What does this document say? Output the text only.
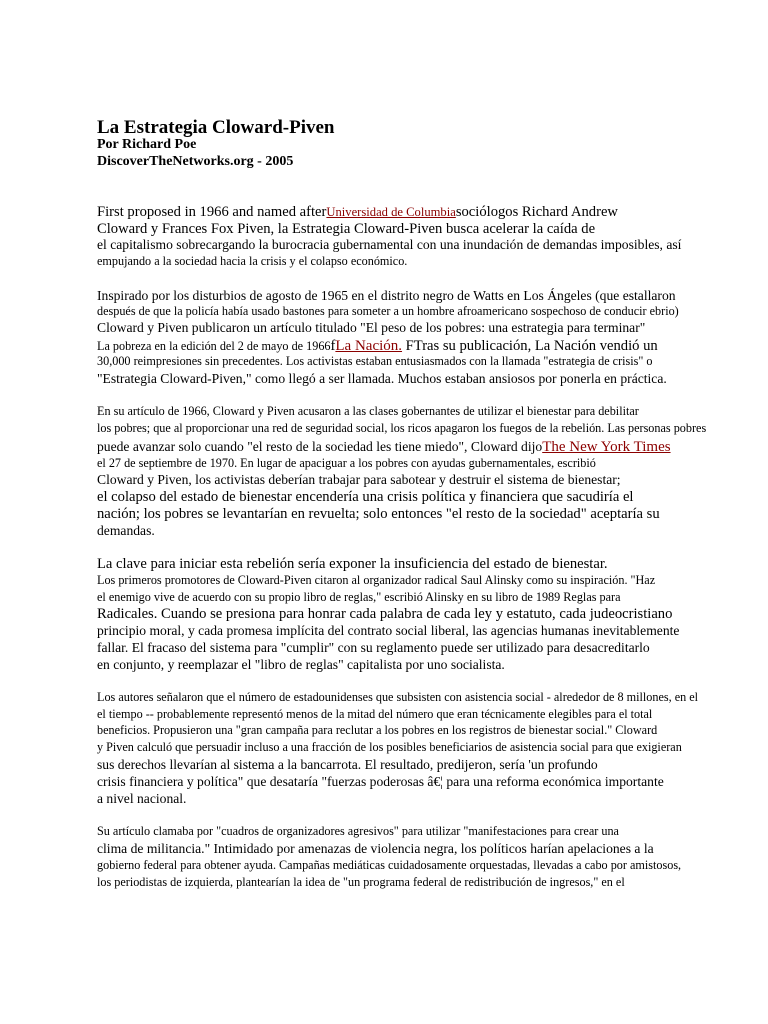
La Estrategia Cloward-Piven
Por Richard Poe
DiscoverTheNetworks.org - 2005
First proposed in 1966 and named afterUniversidad de Columbiasociólogos Richard Andrew
Cloward y Frances Fox Piven, la Estrategia Cloward-Piven busca acelerar la caída de
el capitalismo sobrecargando la burocracia gubernamental con una inundación de demandas imposibles, así
empujando a la sociedad hacia la crisis y el colapso económico.
Inspirado por los disturbios de agosto de 1965 en el distrito negro de Watts en Los Ángeles (que estallaron
después de que la policía había usado bastones para someter a un hombre afroamericano sospechoso de conducir ebrio)
Cloward y Piven publicaron un artículo titulado "El peso de los pobres: una estrategia para terminar"
La pobreza en la edición del 2 de mayo de 1966fLa Nación. FTras su publicación, La Nación vendió un
30,000 reimpresiones sin precedentes. Los activistas estaban entusiasmados con la llamada "estrategia de crisis" o
"Estrategia Cloward-Piven," como llegó a ser llamada. Muchos estaban ansiosos por ponerla en práctica.
En su artículo de 1966, Cloward y Piven acusaron a las clases gobernantes de utilizar el bienestar para debilitar
los pobres; que al proporcionar una red de seguridad social, los ricos apagaron los fuegos de la rebelión. Las personas pobres
puede avanzar solo cuando "el resto de la sociedad les tiene miedo", Cloward dijoThe New York Times
el 27 de septiembre de 1970. En lugar de apaciguar a los pobres con ayudas gubernamentales, escribió
Cloward y Piven, los activistas deberían trabajar para sabotear y destruir el sistema de bienestar;
el colapso del estado de bienestar encendería una crisis política y financiera que sacudiría el
nación; los pobres se levantarían en revuelta; solo entonces "el resto de la sociedad" aceptaría su
demandas.
La clave para iniciar esta rebelión sería exponer la insuficiencia del estado de bienestar.
Los primeros promotores de Cloward-Piven citaron al organizador radical Saul Alinsky como su inspiración. "Haz
el enemigo vive de acuerdo con su propio libro de reglas," escribió Alinsky en su libro de 1989 Reglas para
Radicales. Cuando se presiona para honrar cada palabra de cada ley y estatuto, cada judeocristiano
principio moral, y cada promesa implícita del contrato social liberal, las agencias humanas inevitablemente
fallar. El fracaso del sistema para "cumplir" con su reglamento puede ser utilizado para desacreditarlo
en conjunto, y reemplazar el "libro de reglas" capitalista por uno socialista.
Los autores señalaron que el número de estadounidenses que subsisten con asistencia social - alrededor de 8 millones, en el
el tiempo -- probablemente representó menos de la mitad del número que eran técnicamente elegibles para el total
beneficios. Propusieron una "gran campaña para reclutar a los pobres en los registros de bienestar social." Cloward
y Piven calculó que persuadir incluso a una fracción de los posibles beneficiarios de asistencia social para que exigieran
sus derechos llevarían al sistema a la bancarrota. El resultado, predijeron, sería 'un profundo
crisis financiera y política" que desataría "fuerzas poderosas â€¦ para una reforma económica importante
a nivel nacional.
Su artículo clamaba por "cuadros de organizadores agresivos" para utilizar "manifestaciones para crear una
clima de militancia." Intimidado por amenazas de violencia negra, los políticos harían apelaciones a la
gobierno federal para obtener ayuda. Campañas mediáticas cuidadosamente orquestadas, llevadas a cabo por amistosos,
los periodistas de izquierda, plantearían la idea de "un programa federal de redistribución de ingresos," en el
